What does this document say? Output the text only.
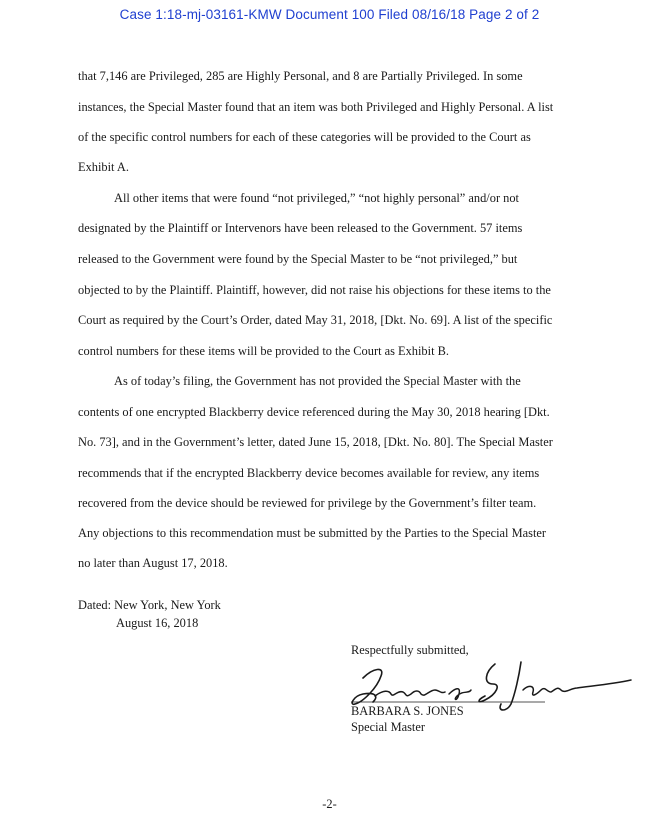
Case 1:18-mj-03161-KMW Document 100 Filed 08/16/18 Page 2 of 2
that 7,146 are Privileged, 285 are Highly Personal, and 8 are Partially Privileged. In some
instances, the Special Master found that an item was both Privileged and Highly Personal. A list
of the specific control numbers for each of these categories will be provided to the Court as
Exhibit A.
All other items that were found “not privileged,” “not highly personal” and/or not
designated by the Plaintiff or Intervenors have been released to the Government. 57 items
released to the Government were found by the Special Master to be “not privileged,” but
objected to by the Plaintiff. Plaintiff, however, did not raise his objections for these items to the
Court as required by the Court’s Order, dated May 31, 2018, [Dkt. No. 69]. A list of the specific
control numbers for these items will be provided to the Court as Exhibit B.
As of today’s filing, the Government has not provided the Special Master with the
contents of one encrypted Blackberry device referenced during the May 30, 2018 hearing [Dkt.
No. 73], and in the Government’s letter, dated June 15, 2018, [Dkt. No. 80]. The Special Master
recommends that if the encrypted Blackberry device becomes available for review, any items
recovered from the device should be reviewed for privilege by the Government’s filter team.
Any objections to this recommendation must be submitted by the Parties to the Special Master
no later than August 17, 2018.
Dated: New York, New York
August 16, 2018
Respectfully submitted,
BARBARA S. JONES
Special Master
-2-
